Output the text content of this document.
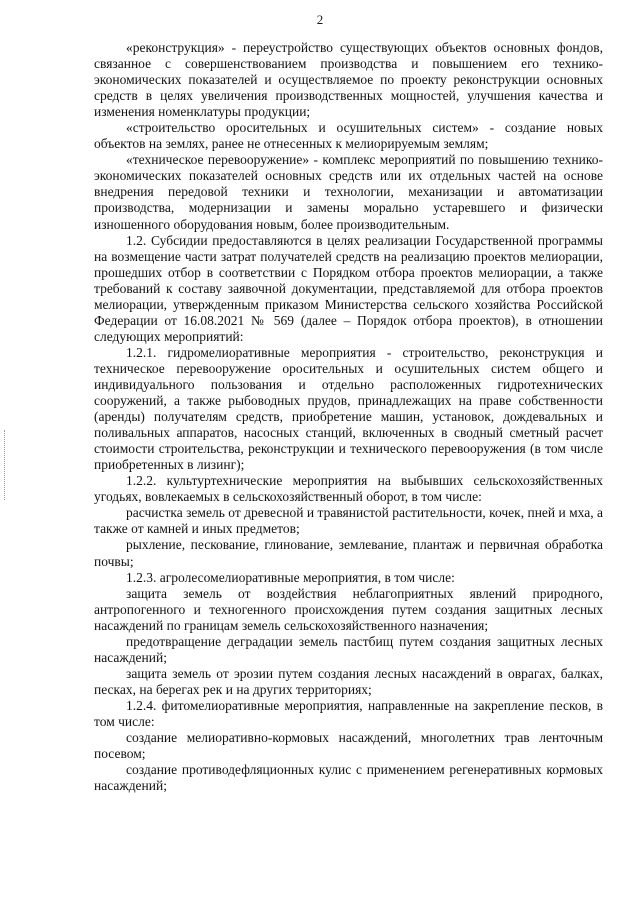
2

«реконструкция» - переустройство существующих объектов основных фондов, связанное с совершенствованием производства и повышением его технико-экономических показателей и осуществляемое по проекту реконструкции основных средств в целях увеличения производственных мощностей, улучшения качества и изменения номенклатуры продукции;

«строительство оросительных и осушительных систем» - создание новых объектов на землях, ранее не отнесенных к мелиорируемым землям;

«техническое перевооружение» - комплекс мероприятий по повышению технико-экономических показателей основных средств или их отдельных частей на основе внедрения передовой техники и технологии, механизации и автоматизации производства, модернизации и замены морально устаревшего и физически изношенного оборудования новым, более производительным.

1.2. Субсидии предоставляются в целях реализации Государственной программы на возмещение части затрат получателей средств на реализацию проектов мелиорации, прошедших отбор в соответствии с Порядком отбора проектов мелиорации, а также требований к составу заявочной документации, представляемой для отбора проектов мелиорации, утвержденным приказом Министерства сельского хозяйства Российской Федерации от 16.08.2021 № 569 (далее – Порядок отбора проектов), в отношении следующих мероприятий:

1.2.1. гидромелиоративные мероприятия - строительство, реконструкция и техническое перевооружение оросительных и осушительных систем общего и индивидуального пользования и отдельно расположенных гидротехнических сооружений, а также рыбоводных прудов, принадлежащих на праве собственности (аренды) получателям средств, приобретение машин, установок, дождевальных и поливальных аппаратов, насосных станций, включенных в сводный сметный расчет стоимости строительства, реконструкции и технического перевооружения (в том числе приобретенных в лизинг);

1.2.2. культуртехнические мероприятия на выбывших сельскохозяйственных угодьях, вовлекаемых в сельскохозяйственный оборот, в том числе:

расчистка земель от древесной и травянистой растительности, кочек, пней и мха, а также от камней и иных предметов;

рыхление, пескование, глинование, землевание, плантаж и первичная обработка почвы;

1.2.3. агролесомелиоративные мероприятия, в том числе:

защита земель от воздействия неблагоприятных явлений природного, антропогенного и техногенного происхождения путем создания защитных лесных насаждений по границам земель сельскохозяйственного назначения;

предотвращение деградации земель пастбищ путем создания защитных лесных насаждений;

защита земель от эрозии путем создания лесных насаждений в оврагах, балках, песках, на берегах рек и на других территориях;

1.2.4. фитомелиоративные мероприятия, направленные на закрепление песков, в том числе:

создание мелиоративно-кормовых насаждений, многолетних трав ленточным посевом;

создание противодефляционных кулис с применением регенеративных кормовых насаждений;
